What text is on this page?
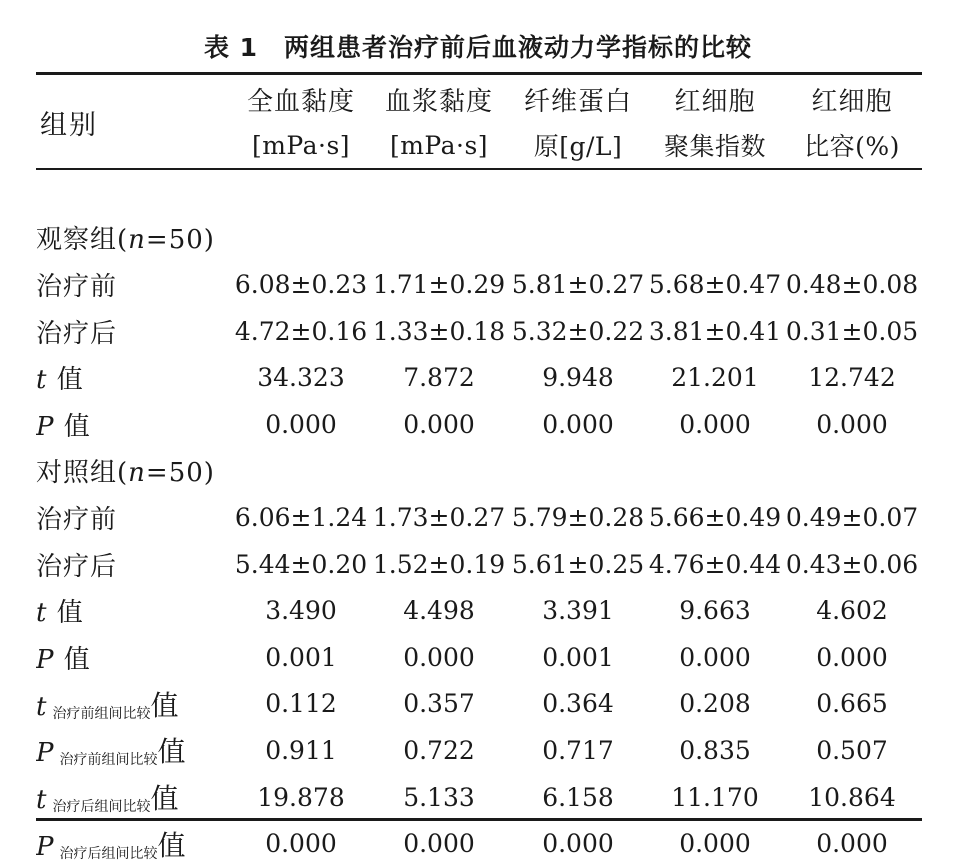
表 1 两组患者治疗前后血液动力学指标的比较
组别	全血黏度	血浆黏度	纤维蛋白	红细胞	红细胞
	[mPa·s]	[mPa·s]	原[g/L]	聚集指数	比容(%)

观察组(n=50)					
治疗前	6.08±0.23	1.71±0.29	5.81±0.27	5.68±0.47	0.48±0.08
治疗后	4.72±0.16	1.33±0.18	5.32±0.22	3.81±0.41	0.31±0.05
t 值	34.323	7.872	9.948	21.201	12.742
P 值	0.000	0.000	0.000	0.000	0.000
对照组(n=50)					
治疗前	6.06±1.24	1.73±0.27	5.79±0.28	5.66±0.49	0.49±0.07
治疗后	5.44±0.20	1.52±0.19	5.61±0.25	4.76±0.44	0.43±0.06
t 值	3.490	4.498	3.391	9.663	4.602
P 值	0.001	0.000	0.001	0.000	0.000
t 治疗前组间比较值	0.112	0.357	0.364	0.208	0.665
P 治疗前组间比较值	0.911	0.722	0.717	0.835	0.507
t 治疗后组间比较值	19.878	5.133	6.158	11.170	10.864
P 治疗后组间比较值	0.000	0.000	0.000	0.000	0.000
